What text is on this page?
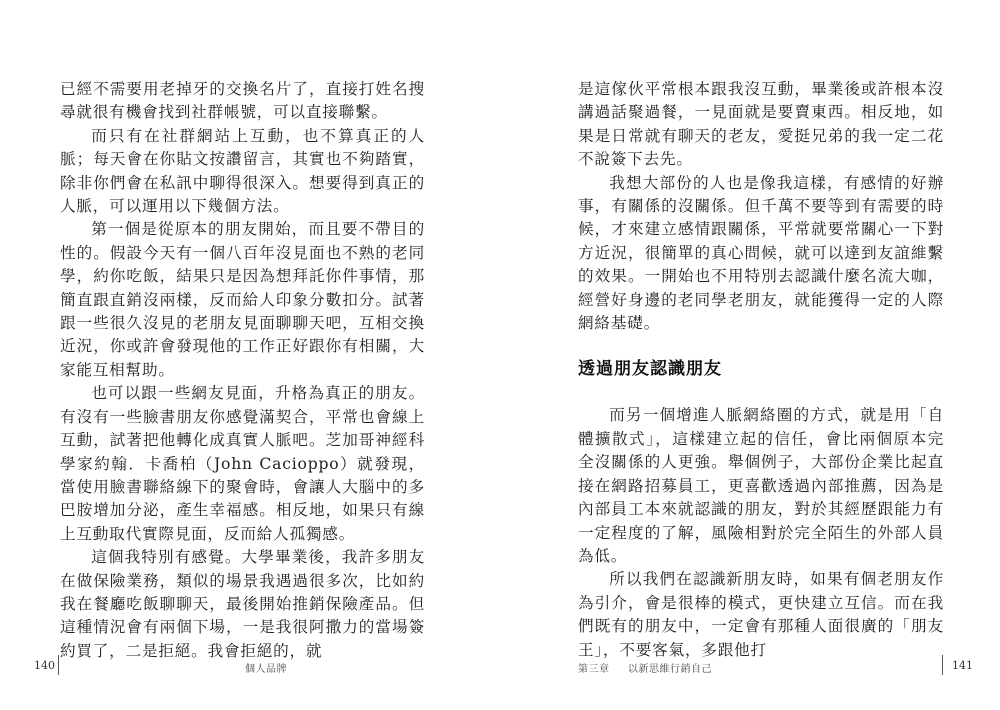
已經不需要用老掉牙的交換名片了，直接打姓名搜尋就很有機會找到社群帳號，可以直接聯繫。

而只有在社群網站上互動，也不算真正的人脈；每天會在你貼文按讚留言，其實也不夠踏實，除非你們會在私訊中聊得很深入。想要得到真正的人脈，可以運用以下幾個方法。

第一個是從原本的朋友開始，而且要不帶目的性的。假設今天有一個八百年沒見面也不熟的老同學，約你吃飯，結果只是因為想拜託你件事情，那簡直跟直銷沒兩樣，反而給人印象分數扣分。試著跟一些很久沒見的老朋友見面聊聊天吧，互相交換近況，你或許會發現他的工作正好跟你有相關，大家能互相幫助。

也可以跟一些網友見面，升格為真正的朋友。有沒有一些臉書朋友你感覺滿契合，平常也會線上互動，試著把他轉化成真實人脈吧。芝加哥神經科學家約翰．卡喬柏（John Cacioppo）就發現，當使用臉書聯絡線下的聚會時，會讓人大腦中的多巴胺增加分泌，產生幸福感。相反地，如果只有線上互動取代實際見面，反而給人孤獨感。

這個我特別有感覺。大學畢業後，我許多朋友在做保險業務，類似的場景我遇過很多次，比如約我在餐廳吃飯聊聊天，最後開始推銷保險產品。但這種情況會有兩個下場，一是我很阿撒力的當場簽約買了，二是拒絕。我會拒絕的，就

140	個人品牌

是這傢伙平常根本跟我沒互動，畢業後或許根本沒講過話聚過餐，一見面就是要賣東西。相反地，如果是日常就有聊天的老友，愛挺兄弟的我一定二花不說簽下去先。

我想大部份的人也是像我這樣，有感情的好辦事，有關係的沒關係。但千萬不要等到有需要的時候，才來建立感情跟關係，平常就要常關心一下對方近況，很簡單的真心問候，就可以達到友誼維繫的效果。一開始也不用特別去認識什麼名流大咖，經營好身邊的老同學老朋友，就能獲得一定的人際網絡基礎。

透過朋友認識朋友

而另一個增進人脈網絡圈的方式，就是用「自體擴散式」，這樣建立起的信任，會比兩個原本完全沒關係的人更強。舉個例子，大部份企業比起直接在網路招募員工，更喜歡透過內部推薦，因為是內部員工本來就認識的朋友，對於其經歷跟能力有一定程度的了解，風險相對於完全陌生的外部人員為低。

所以我們在認識新朋友時，如果有個老朋友作為引介，會是很棒的模式，更快建立互信。而在我們既有的朋友中，一定會有那種人面很廣的「朋友王」，不要客氣，多跟他打

第三章 以新思維行銷自己	141
